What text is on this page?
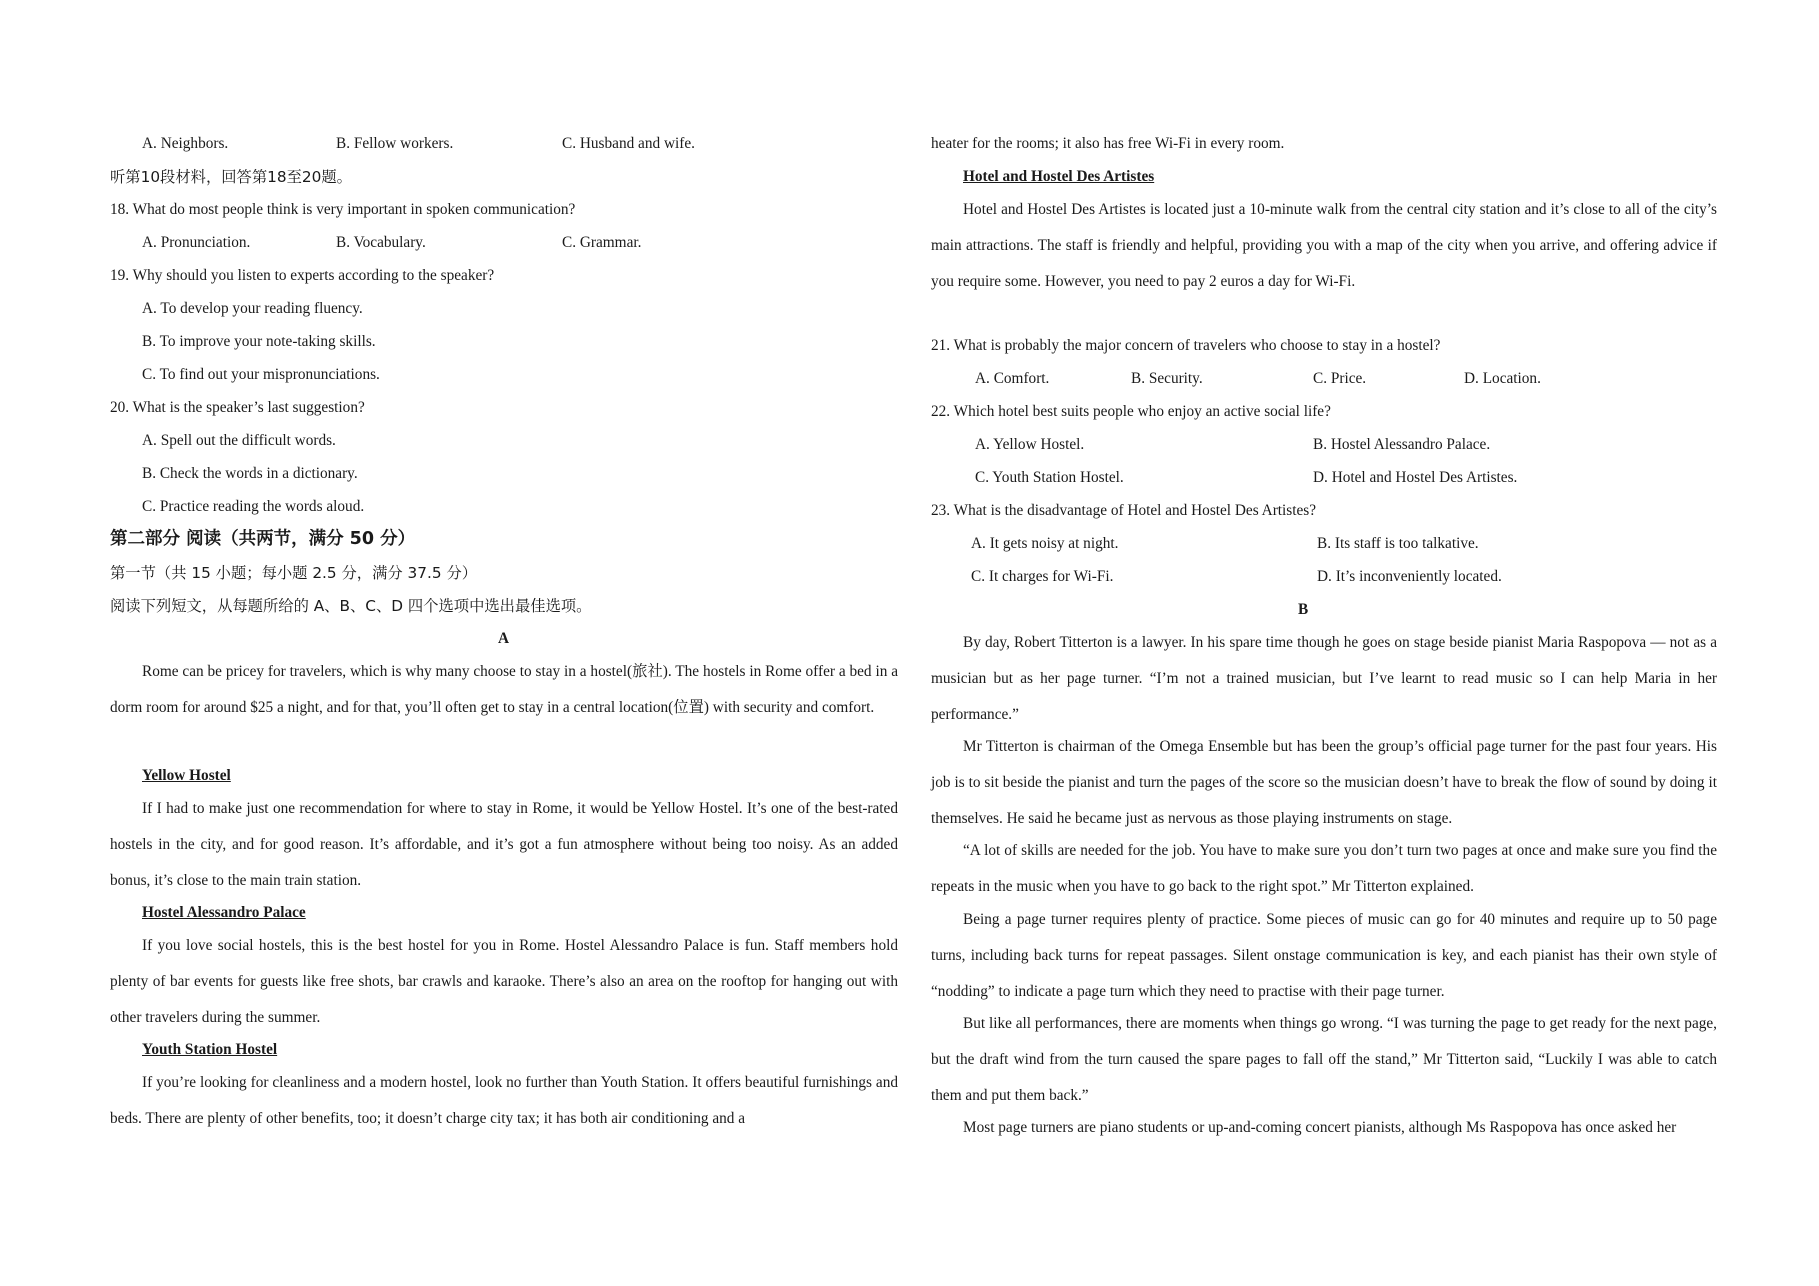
A. Neighbors.	B. Fellow workers.	C. Husband and wife.
听第10段材料，回答第18至20题。
18. What do most people think is very important in spoken communication?
A. Pronunciation.	B. Vocabulary.	C. Grammar.
19. Why should you listen to experts according to the speaker?
A. To develop your reading fluency.
B. To improve your note-taking skills.
C. To find out your mispronunciations.
20. What is the speaker’s last suggestion?
A. Spell out the difficult words.
B. Check the words in a dictionary.
C. Practice reading the words aloud.
第二部分 阅读（共两节，满分 50 分）
第一节（共 15 小题；每小题 2.5 分，满分 37.5 分）
阅读下列短文，从每题所给的 A、B、C、D 四个选项中选出最佳选项。
A

Rome can be pricey for travelers, which is why many choose to stay in a hostel(旅社). The hostels in Rome offer a bed in a dorm room for around $25 a night, and for that, you’ll often get to stay in a central location(位置) with security and comfort.

Yellow Hostel

If I had to make just one recommendation for where to stay in Rome, it would be Yellow Hostel. It’s one of the best-rated hostels in the city, and for good reason. It’s affordable, and it’s got a fun atmosphere without being too noisy. As an added bonus, it’s close to the main train station.

Hostel Alessandro Palace

If you love social hostels, this is the best hostel for you in Rome. Hostel Alessandro Palace is fun. Staff members hold plenty of bar events for guests like free shots, bar crawls and karaoke. There’s also an area on the rooftop for hanging out with other travelers during the summer.

Youth Station Hostel

If you’re looking for cleanliness and a modern hostel, look no further than Youth Station. It offers beautiful furnishings and beds. There are plenty of other benefits, too; it doesn’t charge city tax; it has both air conditioning and a

heater for the rooms; it also has free Wi-Fi in every room.
Hotel and Hostel Des Artistes

Hotel and Hostel Des Artistes is located just a 10-minute walk from the central city station and it’s close to all of the city’s main attractions. The staff is friendly and helpful, providing you with a map of the city when you arrive, and offering advice if you require some. However, you need to pay 2 euros a day for Wi-Fi.

21. What is probably the major concern of travelers who choose to stay in a hostel?
A. Comfort.	B. Security.	C. Price.	D. Location.
22. Which hotel best suits people who enjoy an active social life?
A. Yellow Hostel.	B. Hostel Alessandro Palace.
C. Youth Station Hostel.	D. Hotel and Hostel Des Artistes.
23. What is the disadvantage of Hotel and Hostel Des Artistes?
A. It gets noisy at night.	B. Its staff is too talkative.
C. It charges for Wi-Fi.	D. It’s inconveniently located.
B

By day, Robert Titterton is a lawyer. In his spare time though he goes on stage beside pianist Maria Raspopova — not as a musician but as her page turner. “I’m not a trained musician, but I’ve learnt to read music so I can help Maria in her performance.”

Mr Titterton is chairman of the Omega Ensemble but has been the group’s official page turner for the past four years. His job is to sit beside the pianist and turn the pages of the score so the musician doesn’t have to break the flow of sound by doing it themselves. He said he became just as nervous as those playing instruments on stage.

“A lot of skills are needed for the job. You have to make sure you don’t turn two pages at once and make sure you find the repeats in the music when you have to go back to the right spot.” Mr Titterton explained.

Being a page turner requires plenty of practice. Some pieces of music can go for 40 minutes and require up to 50 page turns, including back turns for repeat passages. Silent onstage communication is key, and each pianist has their own style of “nodding” to indicate a page turn which they need to practise with their page turner.

But like all performances, there are moments when things go wrong. “I was turning the page to get ready for the next page, but the draft wind from the turn caused the spare pages to fall off the stand,” Mr Titterton said, “Luckily I was able to catch them and put them back.”

Most page turners are piano students or up-and-coming concert pianists, although Ms Raspopova has once asked her
